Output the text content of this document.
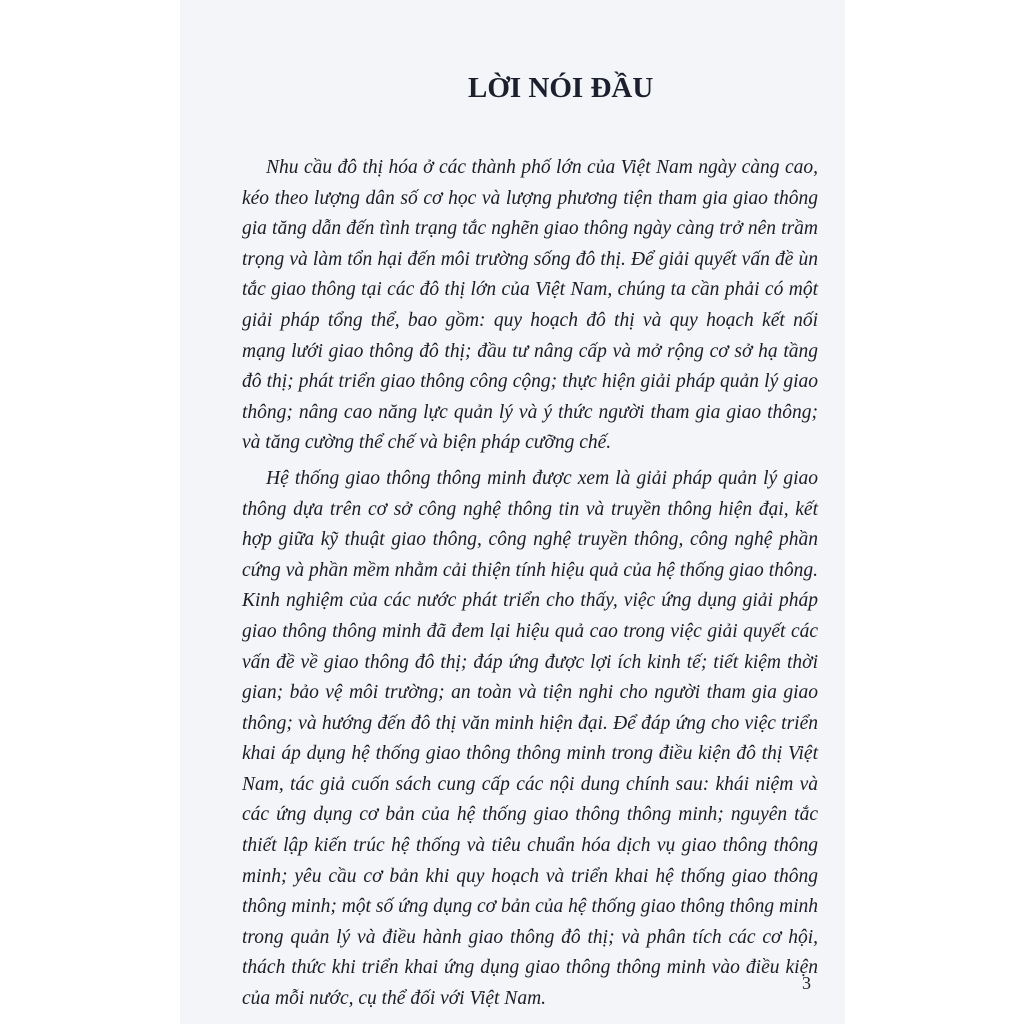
LỜI NÓI ĐẦU

Nhu cầu đô thị hóa ở các thành phố lớn của Việt Nam ngày càng cao, kéo theo lượng dân số cơ học và lượng phương tiện tham gia giao thông gia tăng dẫn đến tình trạng tắc nghẽn giao thông ngày càng trở nên trầm trọng và làm tổn hại đến môi trường sống đô thị. Để giải quyết vấn đề ùn tắc giao thông tại các đô thị lớn của Việt Nam, chúng ta cần phải có một giải pháp tổng thể, bao gồm: quy hoạch đô thị và quy hoạch kết nối mạng lưới giao thông đô thị; đầu tư nâng cấp và mở rộng cơ sở hạ tầng đô thị; phát triển giao thông công cộng; thực hiện giải pháp quản lý giao thông; nâng cao năng lực quản lý và ý thức người tham gia giao thông; và tăng cường thể chế và biện pháp cưỡng chế.

Hệ thống giao thông thông minh được xem là giải pháp quản lý giao thông dựa trên cơ sở công nghệ thông tin và truyền thông hiện đại, kết hợp giữa kỹ thuật giao thông, công nghệ truyền thông, công nghệ phần cứng và phần mềm nhằm cải thiện tính hiệu quả của hệ thống giao thông. Kinh nghiệm của các nước phát triển cho thấy, việc ứng dụng giải pháp giao thông thông minh đã đem lại hiệu quả cao trong việc giải quyết các vấn đề về giao thông đô thị; đáp ứng được lợi ích kinh tế; tiết kiệm thời gian; bảo vệ môi trường; an toàn và tiện nghi cho người tham gia giao thông; và hướng đến đô thị văn minh hiện đại. Để đáp ứng cho việc triển khai áp dụng hệ thống giao thông thông minh trong điều kiện đô thị Việt Nam, tác giả cuốn sách cung cấp các nội dung chính sau: khái niệm và các ứng dụng cơ bản của hệ thống giao thông thông minh; nguyên tắc thiết lập kiến trúc hệ thống và tiêu chuẩn hóa dịch vụ giao thông thông minh; yêu cầu cơ bản khi quy hoạch và triển khai hệ thống giao thông thông minh; một số ứng dụng cơ bản của hệ thống giao thông thông minh trong quản lý và điều hành giao thông đô thị; và phân tích các cơ hội, thách thức khi triển khai ứng dụng giao thông thông minh vào điều kiện của mỗi nước, cụ thể đối với Việt Nam.

3
